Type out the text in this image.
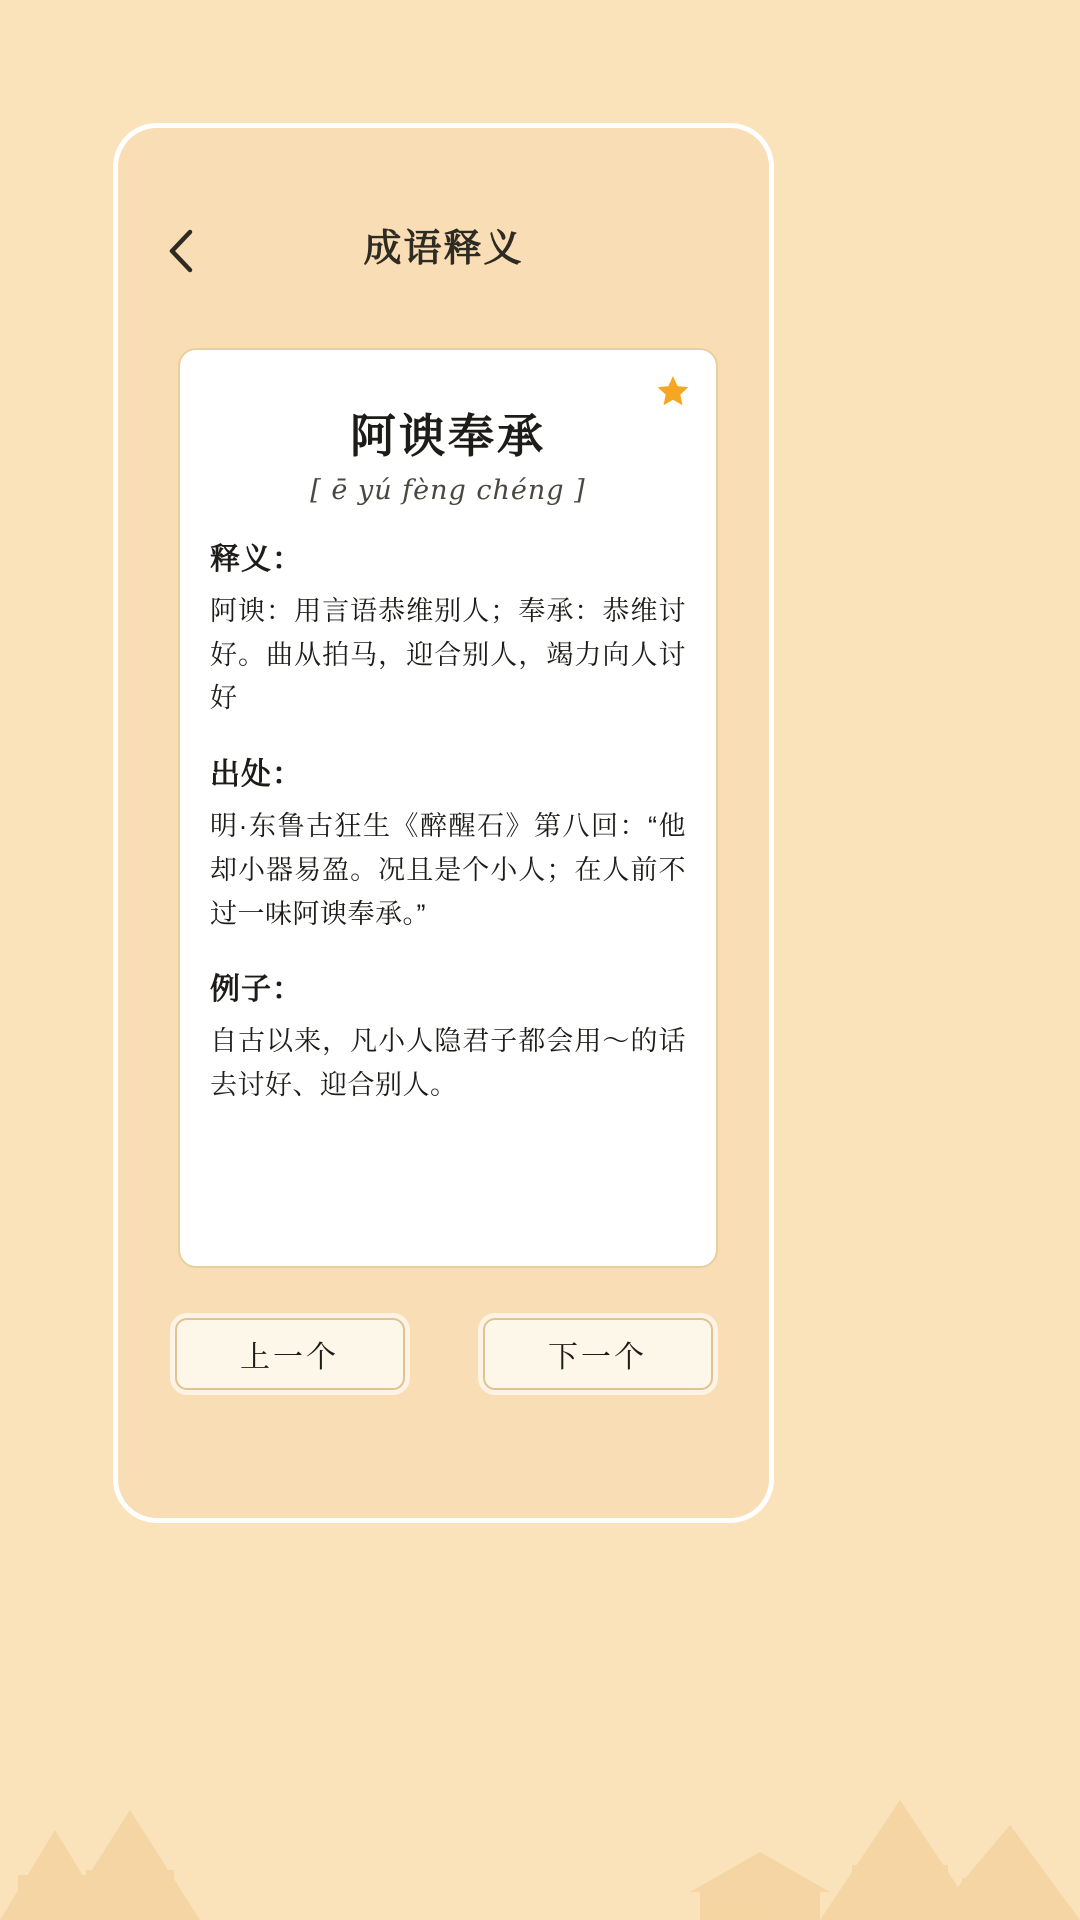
成语释义
阿谀奉承
[ ē yú fèng chéng ]
释义：
阿谀：用言语恭维别人；奉承：恭维讨好。曲从拍马，迎合别人，竭力向人讨好
出处：
明·东鲁古狂生《醉醒石》第八回：“他却小器易盈。况且是个小人；在人前不过一味阿谀奉承。”
例子：
自古以来，凡小人隐君子都会用～的话去讨好、迎合别人。
上一个	下一个
